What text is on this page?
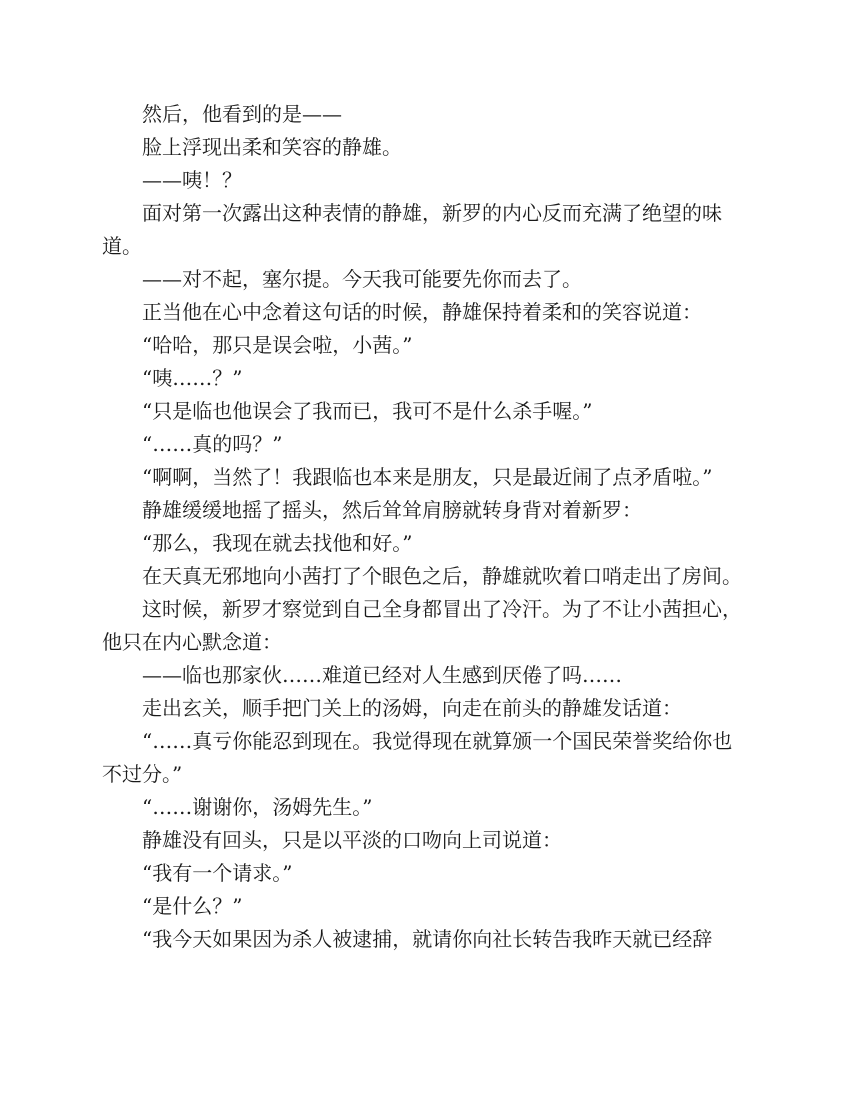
然后，他看到的是——

脸上浮现出柔和笑容的静雄。

——咦！？

面对第一次露出这种表情的静雄，新罗的内心反而充满了绝望的味道。

——对不起，塞尔提。今天我可能要先你而去了。

正当他在心中念着这句话的时候，静雄保持着柔和的笑容说道：

“哈哈，那只是误会啦，小茜。”

“咦……？”

“只是临也他误会了我而已，我可不是什么杀手喔。”

“……真的吗？”

“啊啊，当然了！我跟临也本来是朋友，只是最近闹了点矛盾啦。”

静雄缓缓地摇了摇头，然后耸耸肩膀就转身背对着新罗：

“那么，我现在就去找他和好。”

在天真无邪地向小茜打了个眼色之后，静雄就吹着口哨走出了房间。

这时候，新罗才察觉到自己全身都冒出了冷汗。为了不让小茜担心，他只在内心默念道：

——临也那家伙……难道已经对人生感到厌倦了吗……

走出玄关，顺手把门关上的汤姆，向走在前头的静雄发话道：

“……真亏你能忍到现在。我觉得现在就算颁一个国民荣誉奖给你也不过分。”

“……谢谢你，汤姆先生。”

静雄没有回头，只是以平淡的口吻向上司说道：

“我有一个请求。”

“是什么？”

“我今天如果因为杀人被逮捕，就请你向社长转告我昨天就已经辞
